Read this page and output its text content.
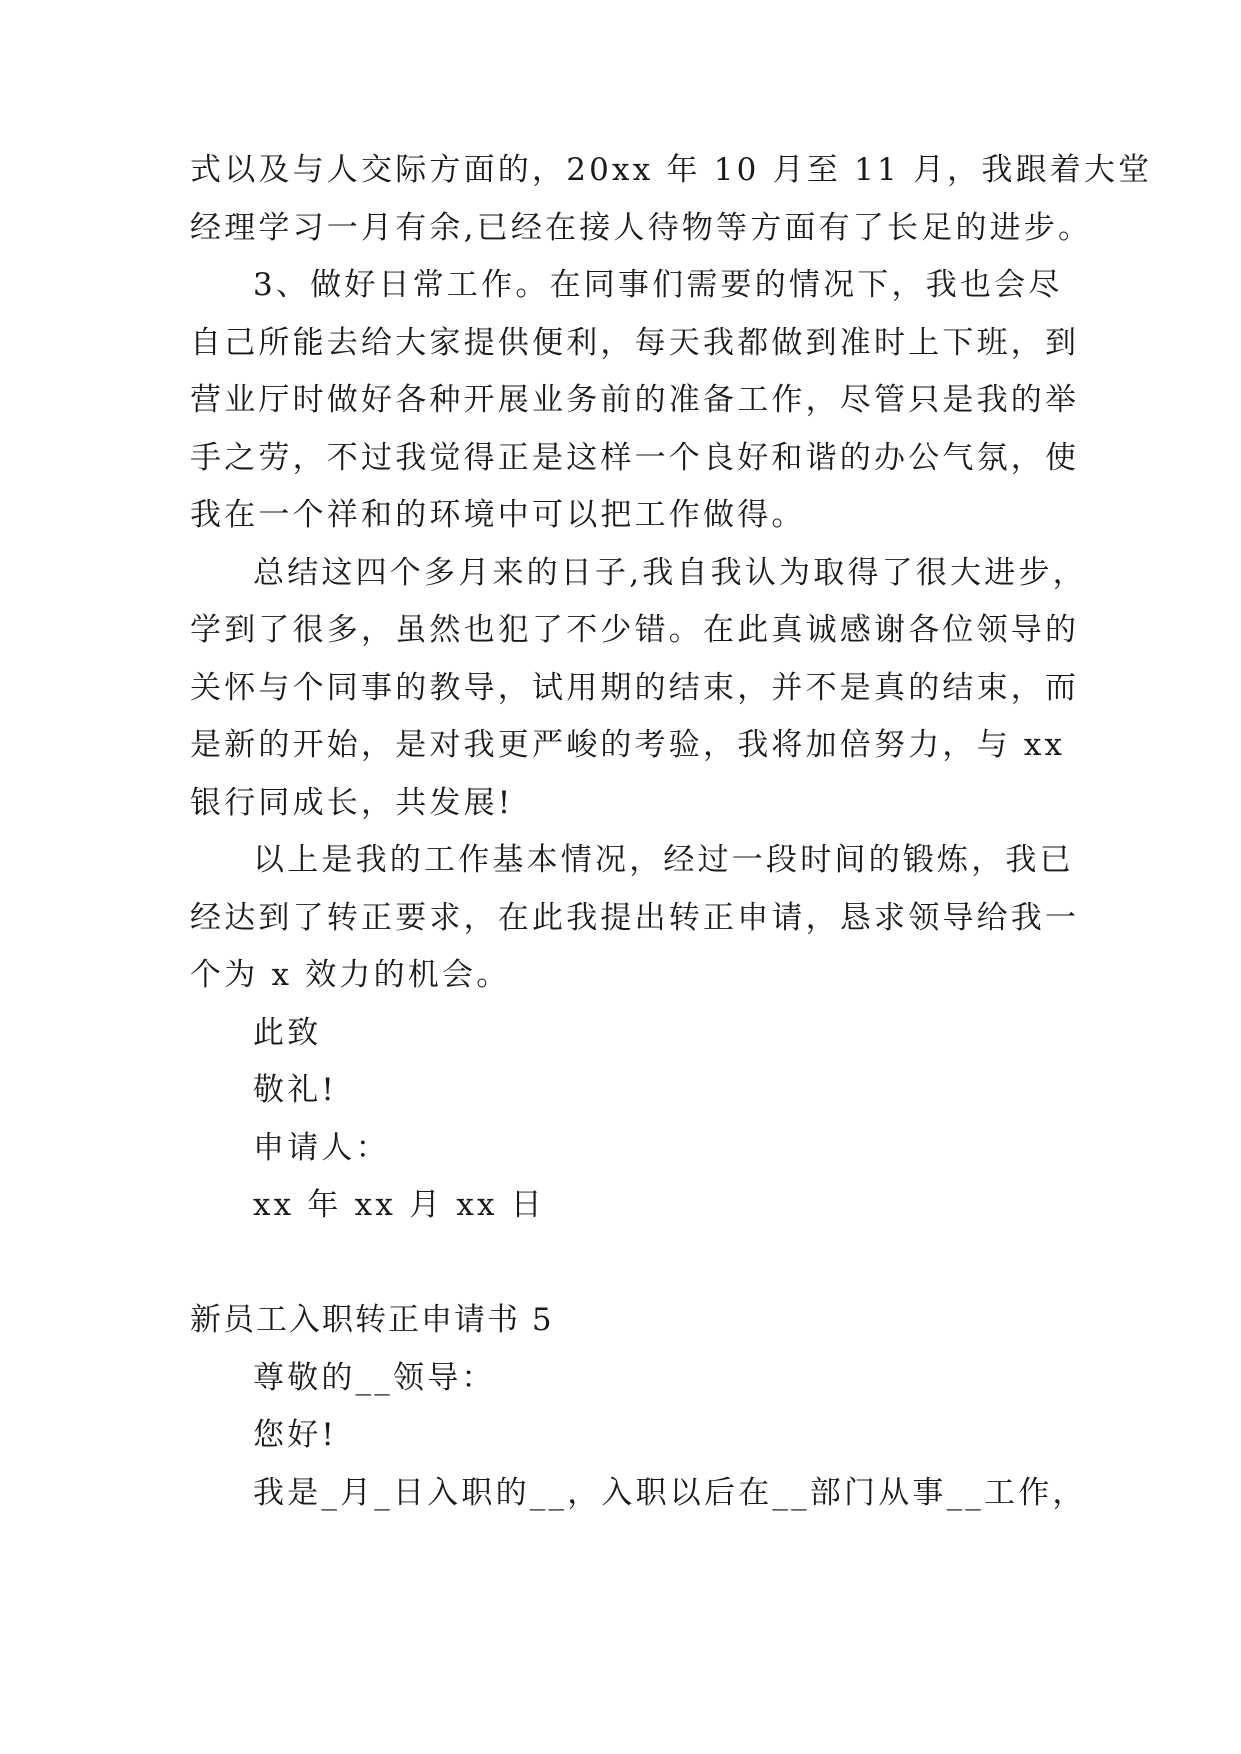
式以及与人交际方面的，20xx 年 10 月至 11 月，我跟着大堂
经理学习一月有余,已经在接人待物等方面有了长足的进步。
3、做好日常工作。在同事们需要的情况下，我也会尽
自己所能去给大家提供便利，每天我都做到准时上下班，到
营业厅时做好各种开展业务前的准备工作，尽管只是我的举
手之劳，不过我觉得正是这样一个良好和谐的办公气氛，使
我在一个祥和的环境中可以把工作做得。
总结这四个多月来的日子,我自我认为取得了很大进步，
学到了很多，虽然也犯了不少错。在此真诚感谢各位领导的
关怀与个同事的教导，试用期的结束，并不是真的结束，而
是新的开始，是对我更严峻的考验，我将加倍努力，与 xx
银行同成长，共发展!
以上是我的工作基本情况，经过一段时间的锻炼，我已
经达到了转正要求，在此我提出转正申请，恳求领导给我一
个为 x 效力的机会。
此致
敬礼!
申请人：
xx 年 xx 月 xx 日
新员工入职转正申请书 5
尊敬的__领导：
您好!
我是_月_日入职的__，入职以后在__部门从事__工作，
